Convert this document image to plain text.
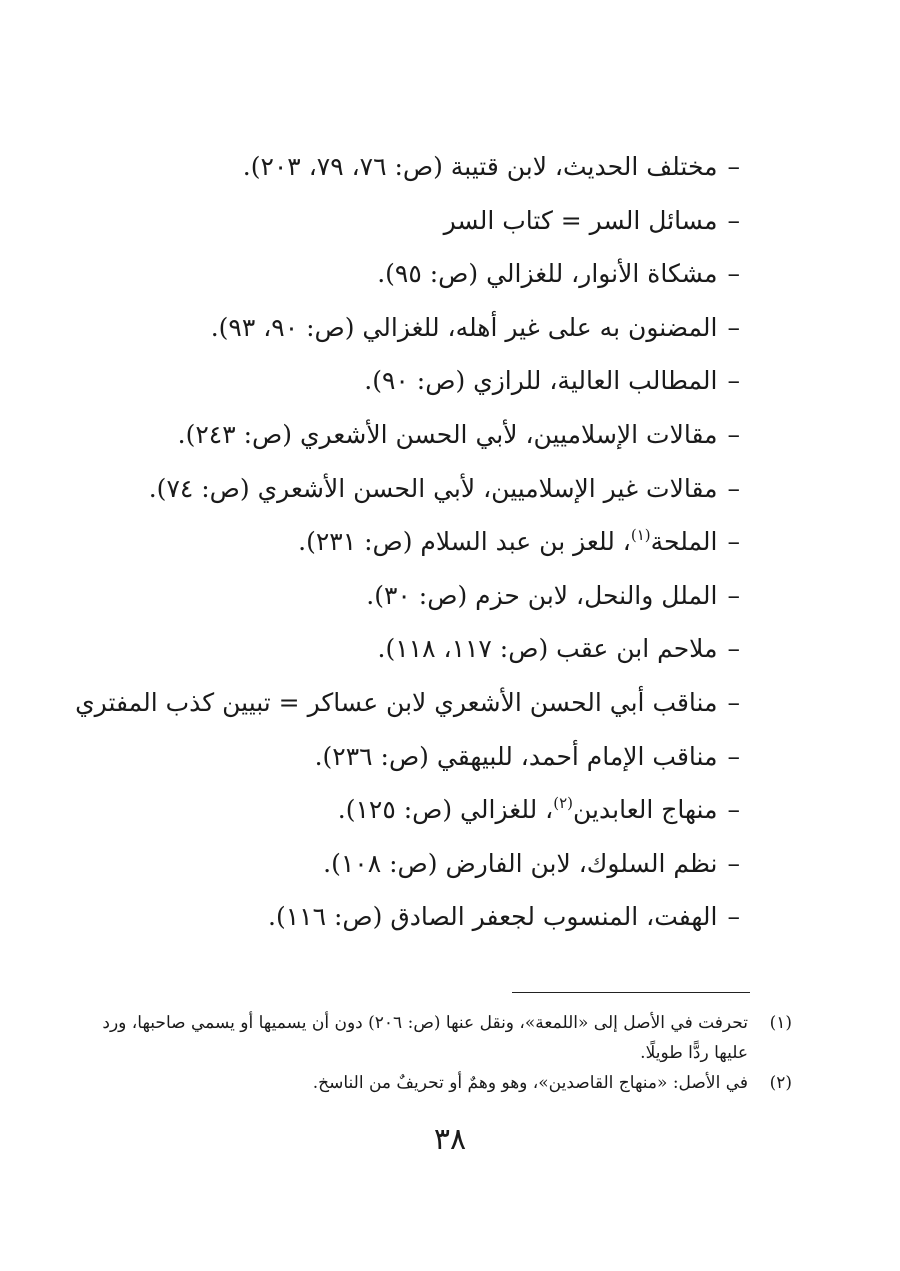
–مختلف الحديث، لابن قتيبة (ص: ٧٦، ٧٩، ٢٠٣).
–مسائل السر = كتاب السر
–مشكاة الأنوار، للغزالي (ص: ٩٥).
–المضنون به على غير أهله، للغزالي (ص: ٩٠، ٩٣).
–المطالب العالية، للرازي (ص: ٩٠).
–مقالات الإسلاميين، لأبي الحسن الأشعري (ص: ٢٤٣).
–مقالات غير الإسلاميين، لأبي الحسن الأشعري (ص: ٧٤).
–الملحة$^{(١)}$، للعز بن عبد السلام (ص: ٢٣١).
–الملل والنحل، لابن حزم (ص: ٣٠).
–ملاحم ابن عقب (ص: ١١٧، ١١٨).
–مناقب أبي الحسن الأشعري لابن عساكر = تبيين كذب المفتري
–مناقب الإمام أحمد، للبيهقي (ص: ٢٣٦).
–منهاج العابدين$^{(٢)}$، للغزالي (ص: ١٢٥).
–نظم السلوك، لابن الفارض (ص: ١٠٨).
–الهفت، المنسوب لجعفر الصادق (ص: ١١٦).
(١)
تحرفت في الأصل إلى «اللمعة»، ونقل عنها (ص: ٢٠٦) دون أن يسميها أو يسمي صاحبها، ورد عليها ردًّا طويلًا.
(٢)
في الأصل: «منهاج القاصدين»، وهو وهمٌ أو تحريفٌ من الناسخ.
٣٨
